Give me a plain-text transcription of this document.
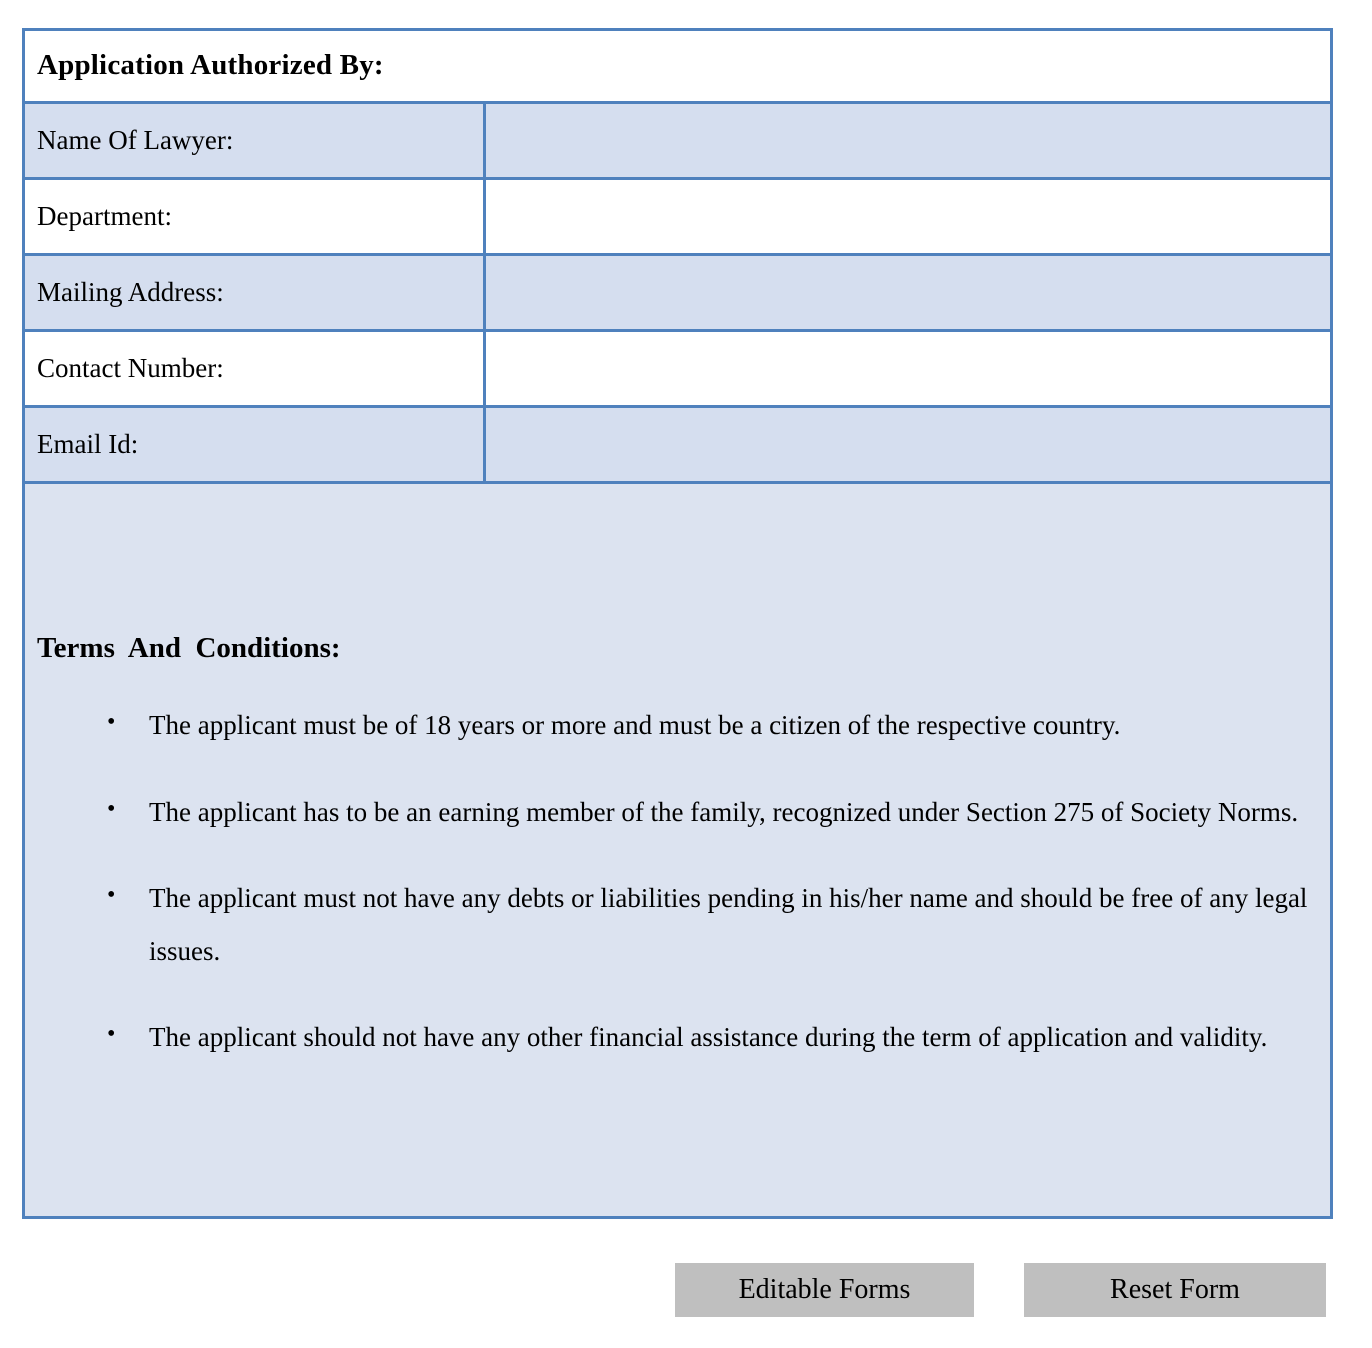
Application Authorized By:	

Name Of Lawyer:	
Department:	
Mailing Address:	
Contact Number:	
Email Id:	

Terms  And  Conditions:
• The applicant must be of 18 years or more and must be a citizen of the respective country.
• The applicant has to be an earning member of the family, recognized under Section 275 of Society Norms.
• The applicant must not have any debts or liabilities pending in his/her name and should be free of any legal issues.
• The applicant should not have any other financial assistance during the term of application and validity.
Editable Forms	Reset Form
